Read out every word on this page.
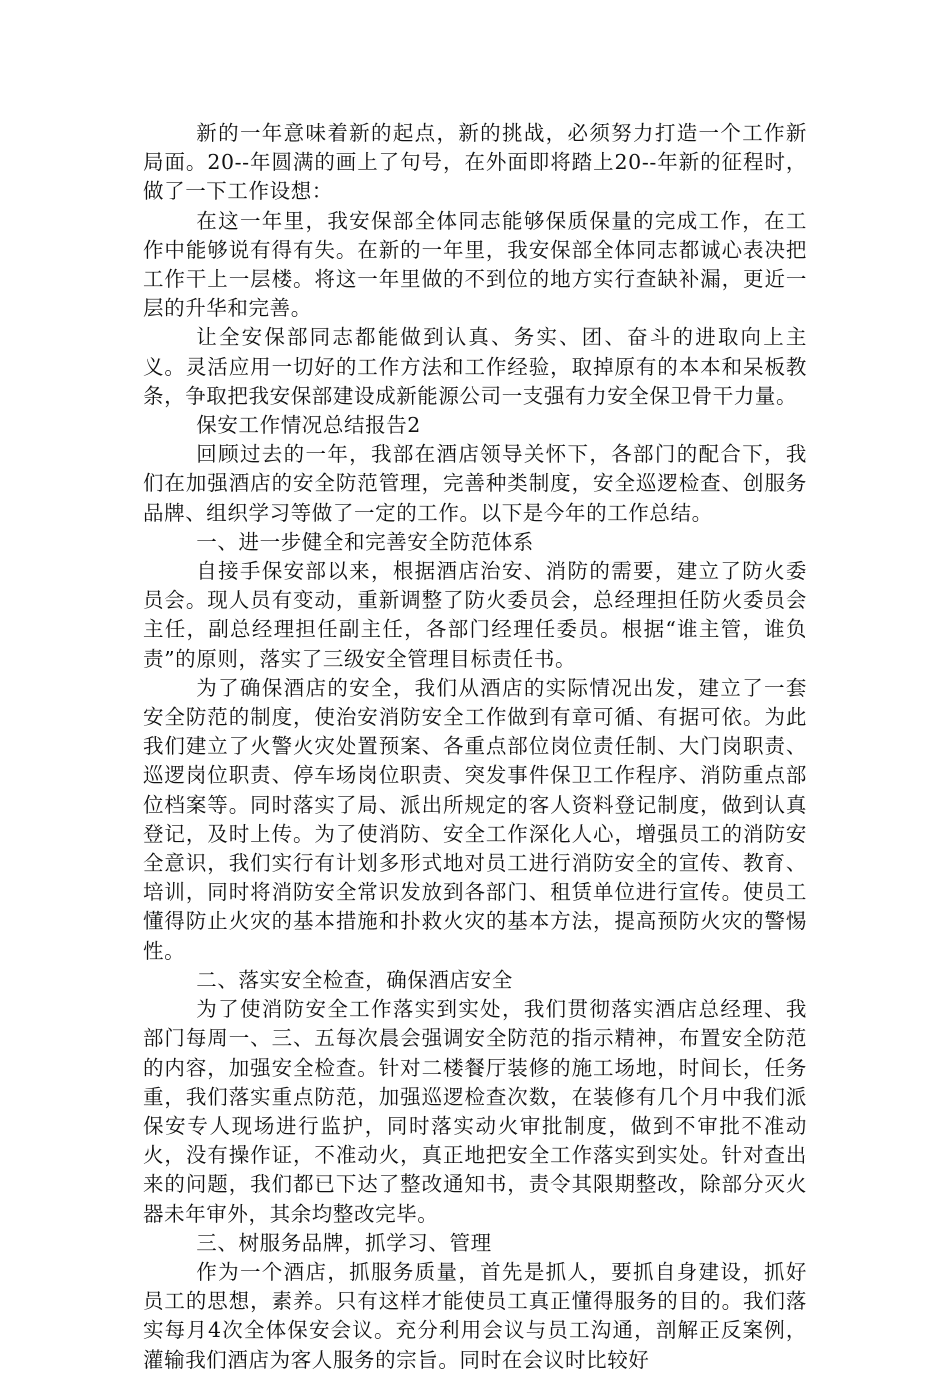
新的一年意味着新的起点，新的挑战，必须努力打造一个工作新局面。20--年圆满的画上了句号，在外面即将踏上20--年新的征程时，做了一下工作设想：

在这一年里，我安保部全体同志能够保质保量的完成工作，在工作中能够说有得有失。在新的一年里，我安保部全体同志都诚心表决把工作干上一层楼。将这一年里做的不到位的地方实行查缺补漏，更近一层的升华和完善。

让全安保部同志都能做到认真、务实、团、奋斗的进取向上主义。灵活应用一切好的工作方法和工作经验，取掉原有的本本和呆板教条，争取把我安保部建设成新能源公司一支强有力安全保卫骨干力量。

保安工作情况总结报告2

回顾过去的一年，我部在酒店领导关怀下，各部门的配合下，我们在加强酒店的安全防范管理，完善种类制度，安全巡逻检查、创服务品牌、组织学习等做了一定的工作。以下是今年的工作总结。

一、进一步健全和完善安全防范体系

自接手保安部以来，根据酒店治安、消防的需要，建立了防火委员会。现人员有变动，重新调整了防火委员会，总经理担任防火委员会主任，副总经理担任副主任，各部门经理任委员。根据“谁主管，谁负责”的原则，落实了三级安全管理目标责任书。

为了确保酒店的安全，我们从酒店的实际情况出发，建立了一套安全防范的制度，使治安消防安全工作做到有章可循、有据可依。为此我们建立了火警火灾处置预案、各重点部位岗位责任制、大门岗职责、巡逻岗位职责、停车场岗位职责、突发事件保卫工作程序、消防重点部位档案等。同时落实了局、派出所规定的客人资料登记制度，做到认真登记，及时上传。为了使消防、安全工作深化人心，增强员工的消防安全意识，我们实行有计划多形式地对员工进行消防安全的宣传、教育、培训，同时将消防安全常识发放到各部门、租赁单位进行宣传。使员工懂得防止火灾的基本措施和扑救火灾的基本方法，提高预防火灾的警惕性。

二、落实安全检查，确保酒店安全

为了使消防安全工作落实到实处，我们贯彻落实酒店总经理、我部门每周一、三、五每次晨会强调安全防范的指示精神，布置安全防范的内容，加强安全检查。针对二楼餐厅装修的施工场地，时间长，任务重，我们落实重点防范，加强巡逻检查次数，在装修有几个月中我们派保安专人现场进行监护，同时落实动火审批制度，做到不审批不准动火，没有操作证，不准动火，真正地把安全工作落实到实处。针对查出来的问题，我们都已下达了整改通知书，责令其限期整改，除部分灭火器未年审外，其余均整改完毕。

三、树服务品牌，抓学习、管理

作为一个酒店，抓服务质量，首先是抓人，要抓自身建设，抓好员工的思想，素养。只有这样才能使员工真正懂得服务的目的。我们落实每月4次全体保安会议。充分利用会议与员工沟通，剖解正反案例，灌输我们酒店为客人服务的宗旨。同时在会议时比较好
